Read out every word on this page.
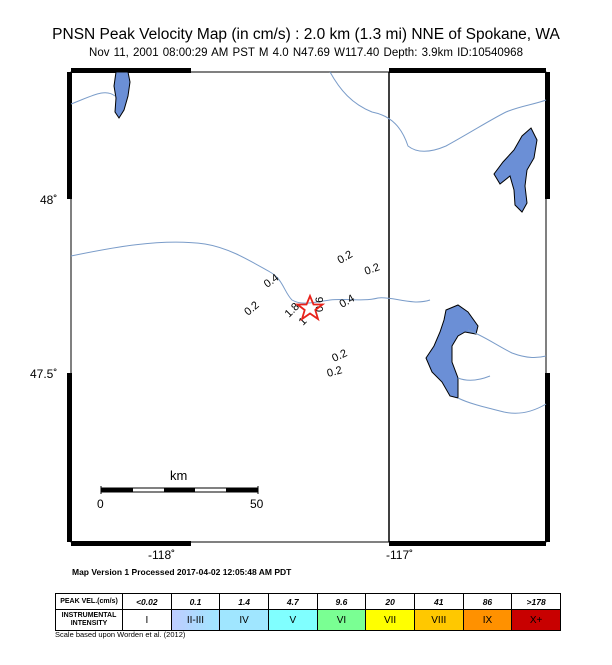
PNSN Peak Velocity Map (in cm/s) : 2.0 km (1.3 mi) NNE of Spokane, WA
Nov 11, 2001 08:00:29 AM PST M 4.0 N47.69 W117.40 Depth: 3.9km ID:10540968
0.2
0.2
0.4
0.2 1.8
1
0.6 0.4
0.2
0.2
48˚
47.5˚
-118˚	-117˚
km
0	50
Map Version 1 Processed 2017-04-02 12:05:48 AM PDT
PEAK VEL.(cm/s)	<0.02	0.1	1.4	4.7	9.6	20	41	86	>178
INSTRUMENTAL
INTENSITY	I	II-III	IV	V	VI	VII	VIII	IX	X+
Scale based upon Worden et al. (2012)
